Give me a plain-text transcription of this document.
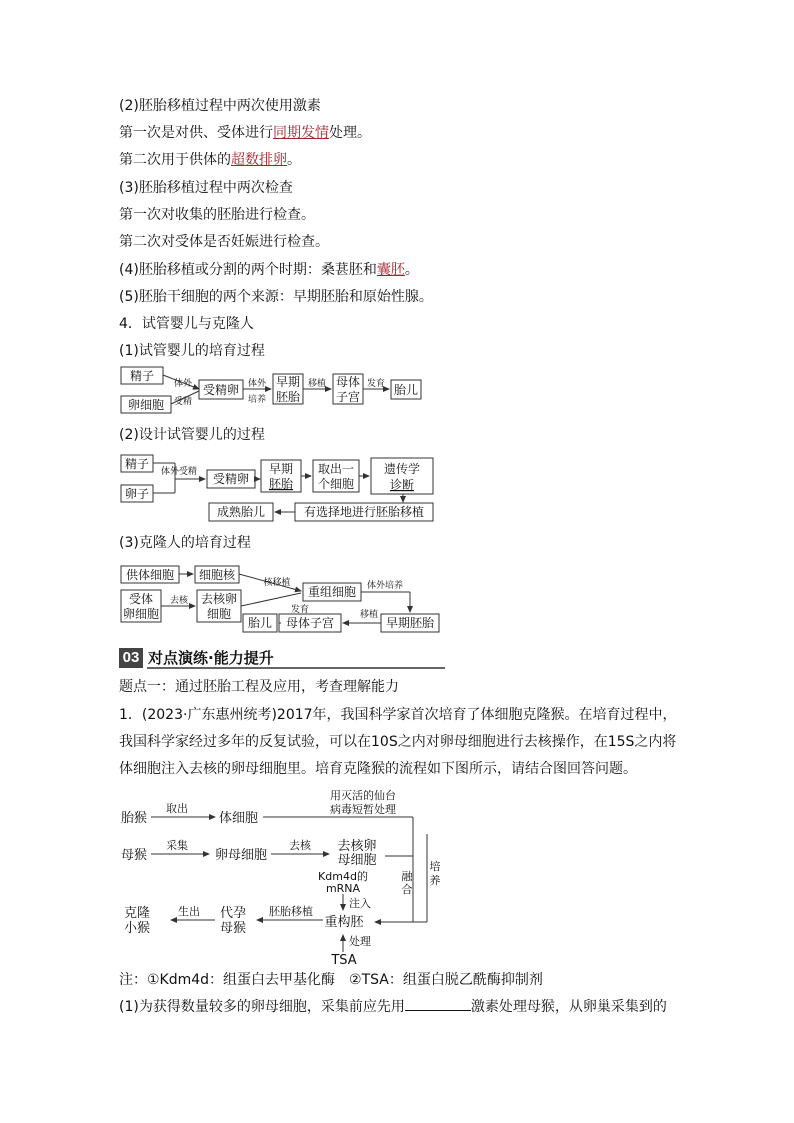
(2)胚胎移植过程中两次使用激素
第一次是对供、受体进行同期发情处理。
第二次用于供体的超数排卵。
(3)胚胎移植过程中两次检查
第一次对收集的胚胎进行检查。
第二次对受体是否妊娠进行检查。
(4)胚胎移植或分割的两个时期：桑葚胚和囊胚。
(5)胚胎干细胞的两个来源：早期胚胎和原始性腺。
4．试管婴儿与克隆人
(1)试管婴儿的培育过程
精子
卵细胞
受精卵
早期
胚胎
母体
子宫	胎儿
体外
受精
体外
培养
移植	发育
(2)设计试管婴儿的过程
精子
卵子
受精卵
早期
胚胎
取出一
个细胞
遗传学
诊断
成熟胎儿	有选择地进行胚胎移植
体外受精
(3)克隆人的培育过程
供体细胞 细胞核
受体
卵细胞
去核卵
细胞
重组细胞
早期胚胎
母体子宫
胎儿
核移植	体外培养
去核
移植
发育
03 对点演练·能力提升
题点一：通过胚胎工程及应用，考查理解能力
1．(2023·广东惠州统考)2017年，我国科学家首次培育了体细胞克隆猴。在培育过程中，
我国科学家经过多年的反复试验，可以在10S之内对卵母细胞进行去核操作，在15S之内将
体细胞注入去核的卵母细胞里。培育克隆猴的流程如下图所示，请结合图回答问题。
胎猴	体细胞
母猴	卵母细胞
去核卵
母细胞
克隆
小猴
代孕
母猴	重构胚
TSA
取出
用灭活的仙台
病毒短暂处理
采集	去核
Kdm4d的
mRNA
注入
融
合
培
养
生出	胚胎移植
处理
注：①Kdm4d：组蛋白去甲基化酶　②TSA：组蛋白脱乙酰酶抑制剂
(1)为获得数量较多的卵母细胞，采集前应先用	激素处理母猴，从卵巢采集到的
